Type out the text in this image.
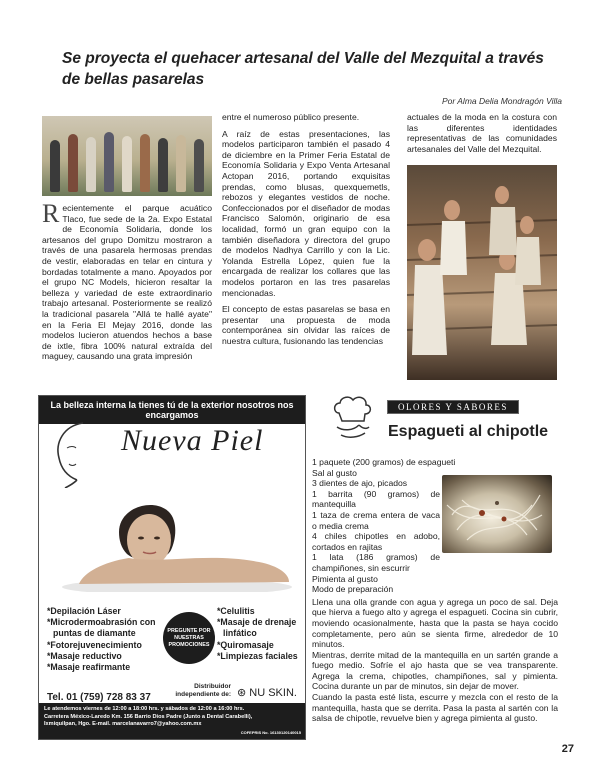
Se proyecta el quehacer artesanal del Valle del Mezquital a través de bellas pasarelas
Por Alma Delia Mondragón Villa

Recientemente el parque acuático Tlaco, fue sede de la 2a. Expo Estatal de Economía Solidaria, donde los artesanos del grupo Domitzu mostraron a través de una pasarela hermosas prendas de vestir, elaboradas en telar en cintura y bordadas totalmente a mano. Apoyados por el grupo NC Models, hicieron resaltar la belleza y variedad de este extraordinario trabajo artesanal. Posteriormente se realizó la tradicional pasarela "Allá te hallé ayate" en la Feria El Mejay 2016, donde las modelos lucieron atuendos hechos a base de ixtle, fibra 100% natural extraída del maguey, causando una grata impresión

entre el numeroso público presente.

A raíz de estas presentaciones, las modelos participaron también el pasado 4 de diciembre en la Primer Feria Estatal de Economía Solidaria y Expo Venta Artesanal Actopan 2016, portando exquisitas prendas, como blusas, quexquemetls, rebozos y elegantes vestidos de noche. Confeccionados por el diseñador de modas Francisco Salomón, originario de esa localidad, formó un gran equipo con la también diseñadora y directora del grupo de modelos Nadhya Carrillo y con la Lic. Yolanda Estrella López, quien fue la encargada de realizar los collares que las modelos portaron en las tres pasarelas mencionadas.

El concepto de estas pasarelas se basa en presentar una propuesta de moda contemporánea sin olvidar las raíces de nuestra cultura, fusionando las tendencias

actuales de la moda en la costura con las diferentes identidades representativas de las comunidades artesanales del Valle del Mezquital.

La belleza interna la tienes tú de la exterior nosotros nos encargamos
Nueva Piel
*Depilación Láser
*Microdermoabrasión con
puntas de diamante
*Fotorejuvenecimiento
*Masaje reductivo
*Masaje reafirmante
PREGUNTE POR NUESTRAS PROMOCIONES
*Celulitis
*Masaje de drenaje
linfático
*Quiromasaje
*Limpiezas faciales
Tel. 01 (759) 728 83 37
Distribuidor independiente de: ⊛ NU SKIN.
Le atendemos viernes de 12:00 a 18:00 hrs. y sábados de 12:00 a 16:00 hrs.
Carretera México-Laredo Km. 156 Barrio Dios Padre (Junto a Dental Carabelli),
Ixmiquilpan, Hgo. E-mail. marcelanavarro7@yahoo.com.mx
COFEPRIS No. 16130120140015
OLORES Y SABORES
Espagueti al chipotle
1 paquete (200 gramos) de espagueti
Sal al gusto
3 dientes de ajo, picados
1 barrita (90 gramos) de mantequilla
1 taza de crema entera de vaca o media crema
4 chiles chipotles en adobo, cortados en rajitas
1 lata (186 gramos) de champiñones, sin escurrir
Pimienta al gusto
Modo de preparación

Llena una olla grande con agua y agrega un poco de sal. Deja que hierva a fuego alto y agrega el espagueti. Cocina sin cubrir, moviendo ocasionalmente, hasta que la pasta se haya cocido completamente, pero aún se sienta firme, alrededor de 10 minutos.

Mientras, derrite mitad de la mantequilla en un sartén grande a fuego medio. Sofríe el ajo hasta que se vea transparente. Agrega la crema, chipotles, champiñones, sal y pimienta. Cocina durante un par de minutos, sin dejar de mover.

Cuando la pasta esté lista, escurre y mezcla con el resto de la mantequilla, hasta que se derrita. Pasa la pasta al sartén con la salsa de chipotle, revuelve bien y agrega pimienta al gusto.

27
